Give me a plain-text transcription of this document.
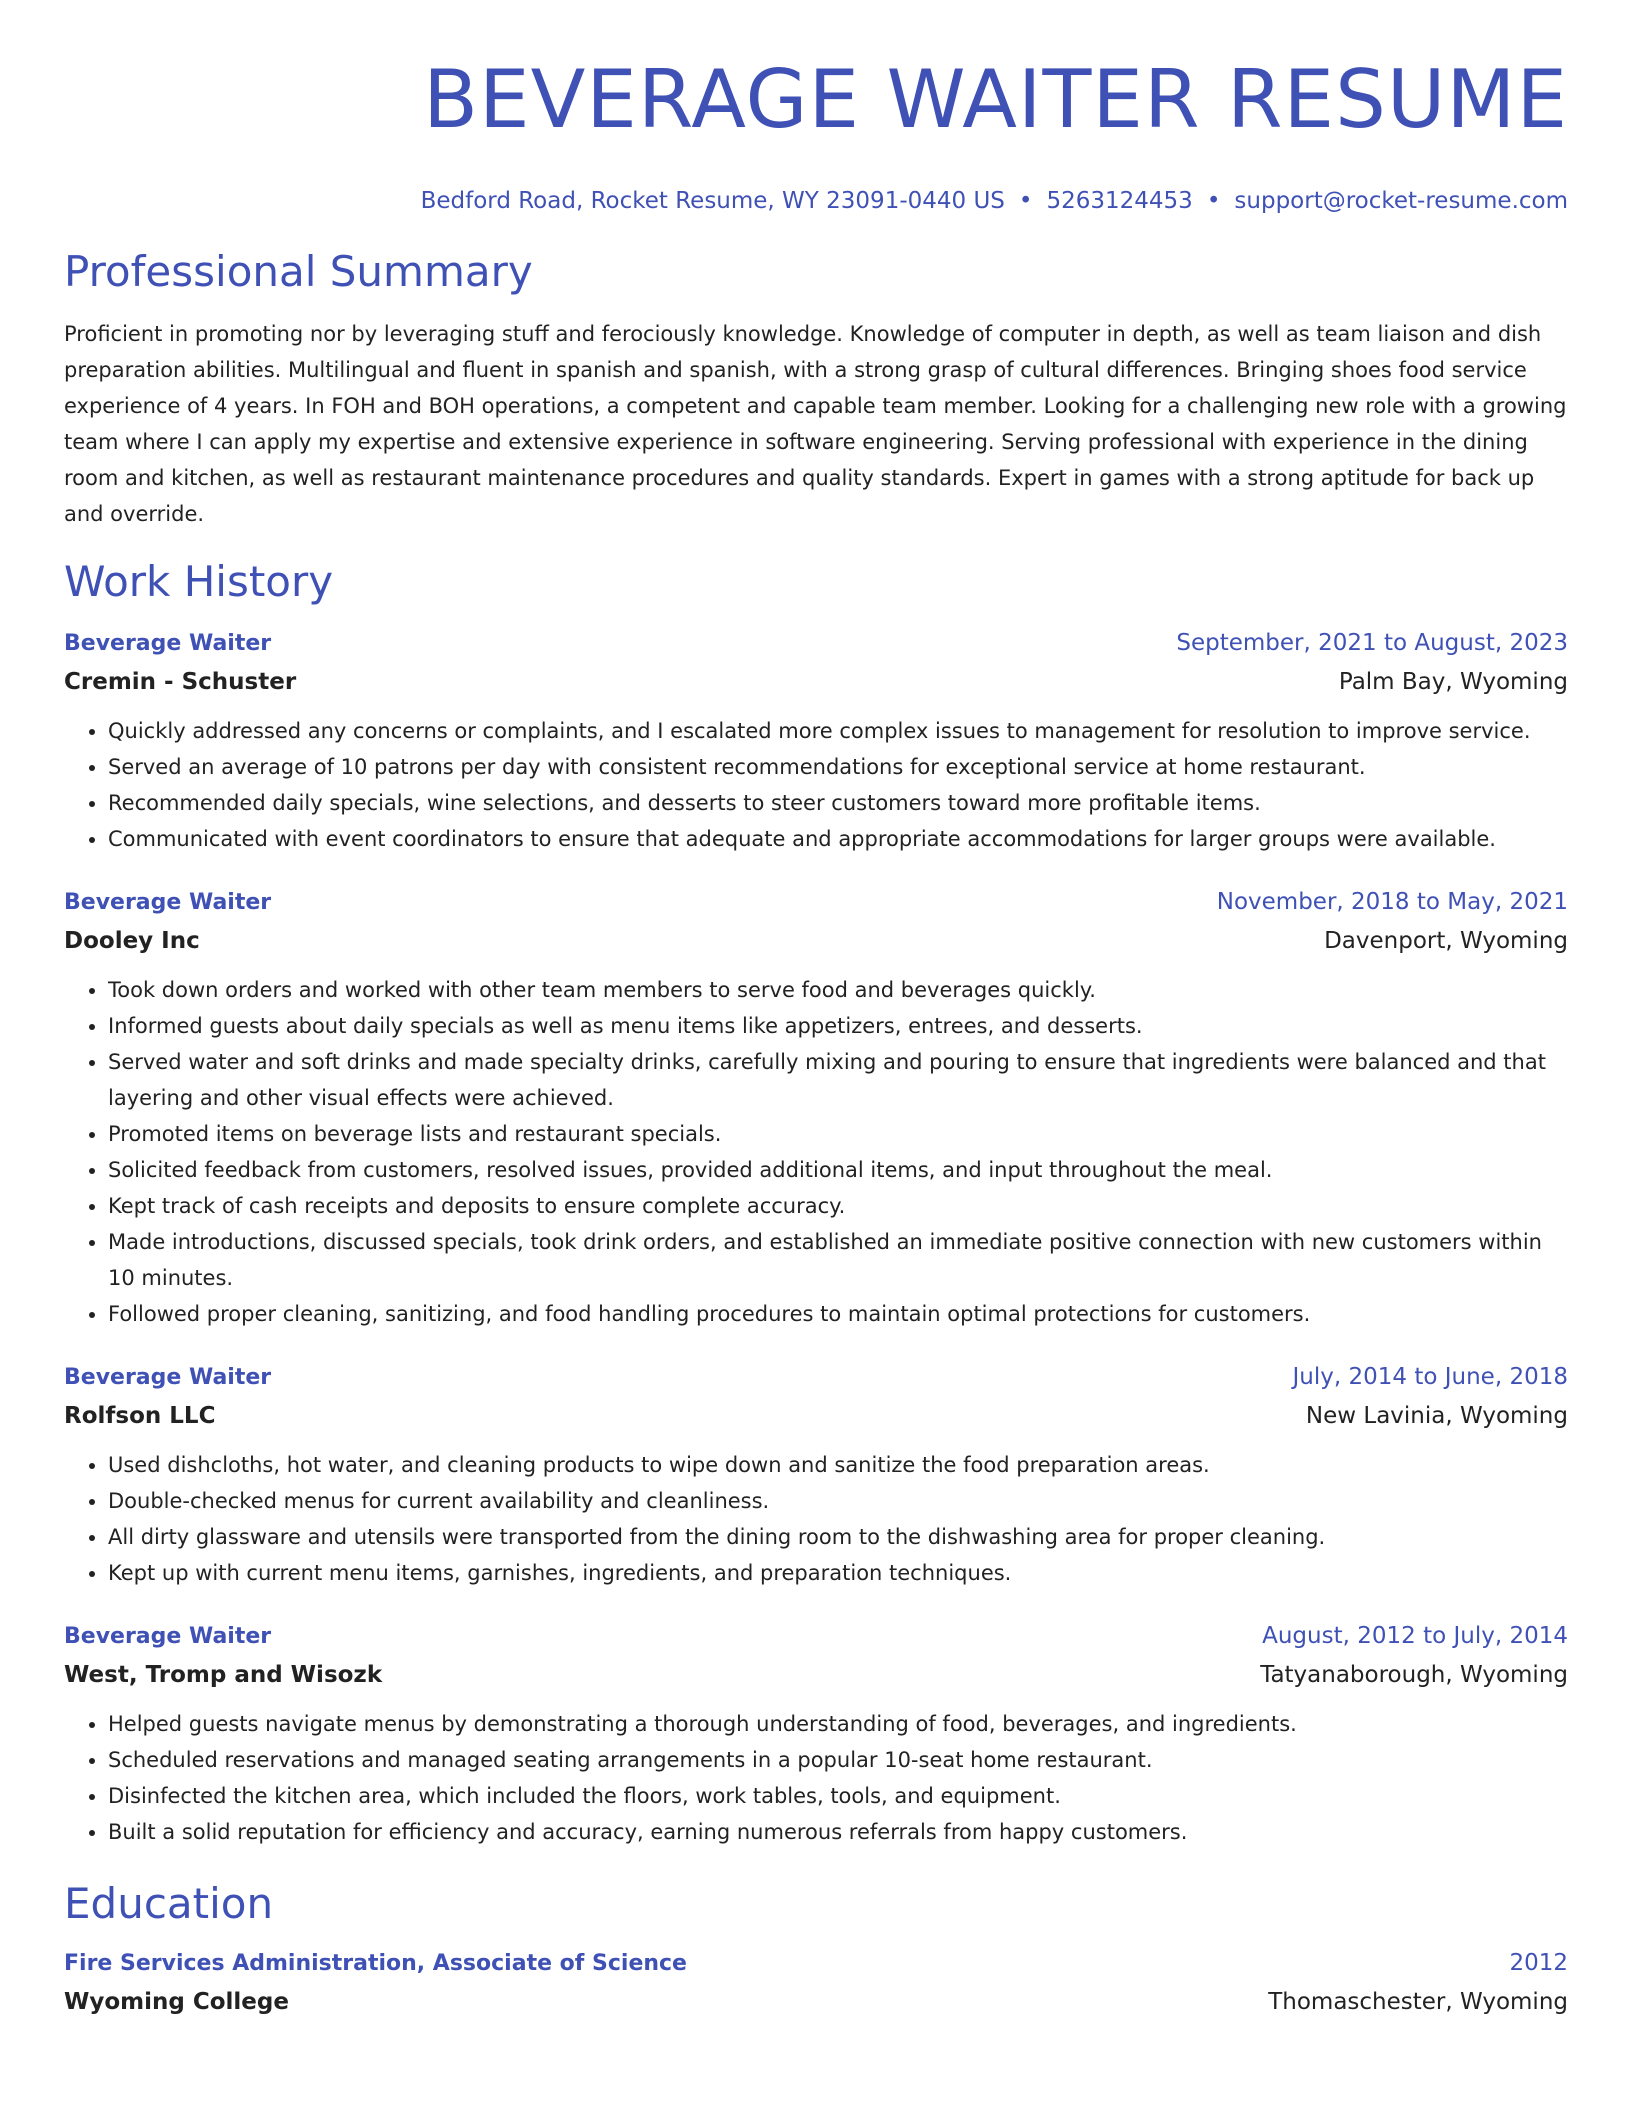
BEVERAGE WAITER RESUME
Bedford Road, Rocket Resume, WY 23091-0440 US • 5263124453 • support@rocket-resume.com
Professional Summary

Proficient in promoting nor by leveraging stuff and ferociously knowledge. Knowledge of computer in depth, as well as team liaison and dish preparation abilities. Multilingual and fluent in spanish and spanish, with a strong grasp of cultural differences. Bringing shoes food service experience of 4 years. In FOH and BOH operations, a competent and capable team member. Looking for a challenging new role with a growing team where I can apply my expertise and extensive experience in software engineering. Serving professional with experience in the dining room and kitchen, as well as restaurant maintenance procedures and quality standards. Expert in games with a strong aptitude for back up and override.

Work History
Beverage Waiter	September, 2021 to August, 2023
Cremin - Schuster	Palm Bay, Wyoming
• Quickly addressed any concerns or complaints, and I escalated more complex issues to management for resolution to improve service.
• Served an average of 10 patrons per day with consistent recommendations for exceptional service at home restaurant.
• Recommended daily specials, wine selections, and desserts to steer customers toward more profitable items.
• Communicated with event coordinators to ensure that adequate and appropriate accommodations for larger groups were available.
Beverage Waiter	November, 2018 to May, 2021
Dooley Inc	Davenport, Wyoming
• Took down orders and worked with other team members to serve food and beverages quickly.
• Informed guests about daily specials as well as menu items like appetizers, entrees, and desserts.
• Served water and soft drinks and made specialty drinks, carefully mixing and pouring to ensure that ingredients were balanced and that layering and other visual effects were achieved.
• Promoted items on beverage lists and restaurant specials.
• Solicited feedback from customers, resolved issues, provided additional items, and input throughout the meal.
• Kept track of cash receipts and deposits to ensure complete accuracy.
• Made introductions, discussed specials, took drink orders, and established an immediate positive connection with new customers within 10 minutes.
• Followed proper cleaning, sanitizing, and food handling procedures to maintain optimal protections for customers.
Beverage Waiter	July, 2014 to June, 2018
Rolfson LLC	New Lavinia, Wyoming
• Used dishcloths, hot water, and cleaning products to wipe down and sanitize the food preparation areas.
• Double-checked menus for current availability and cleanliness.
• All dirty glassware and utensils were transported from the dining room to the dishwashing area for proper cleaning.
• Kept up with current menu items, garnishes, ingredients, and preparation techniques.
Beverage Waiter	August, 2012 to July, 2014
West, Tromp and Wisozk	Tatyanaborough, Wyoming
• Helped guests navigate menus by demonstrating a thorough understanding of food, beverages, and ingredients.
• Scheduled reservations and managed seating arrangements in a popular 10-seat home restaurant.
• Disinfected the kitchen area, which included the floors, work tables, tools, and equipment.
• Built a solid reputation for efficiency and accuracy, earning numerous referrals from happy customers.
Education
Fire Services Administration, Associate of Science	2012
Wyoming College	Thomaschester, Wyoming
